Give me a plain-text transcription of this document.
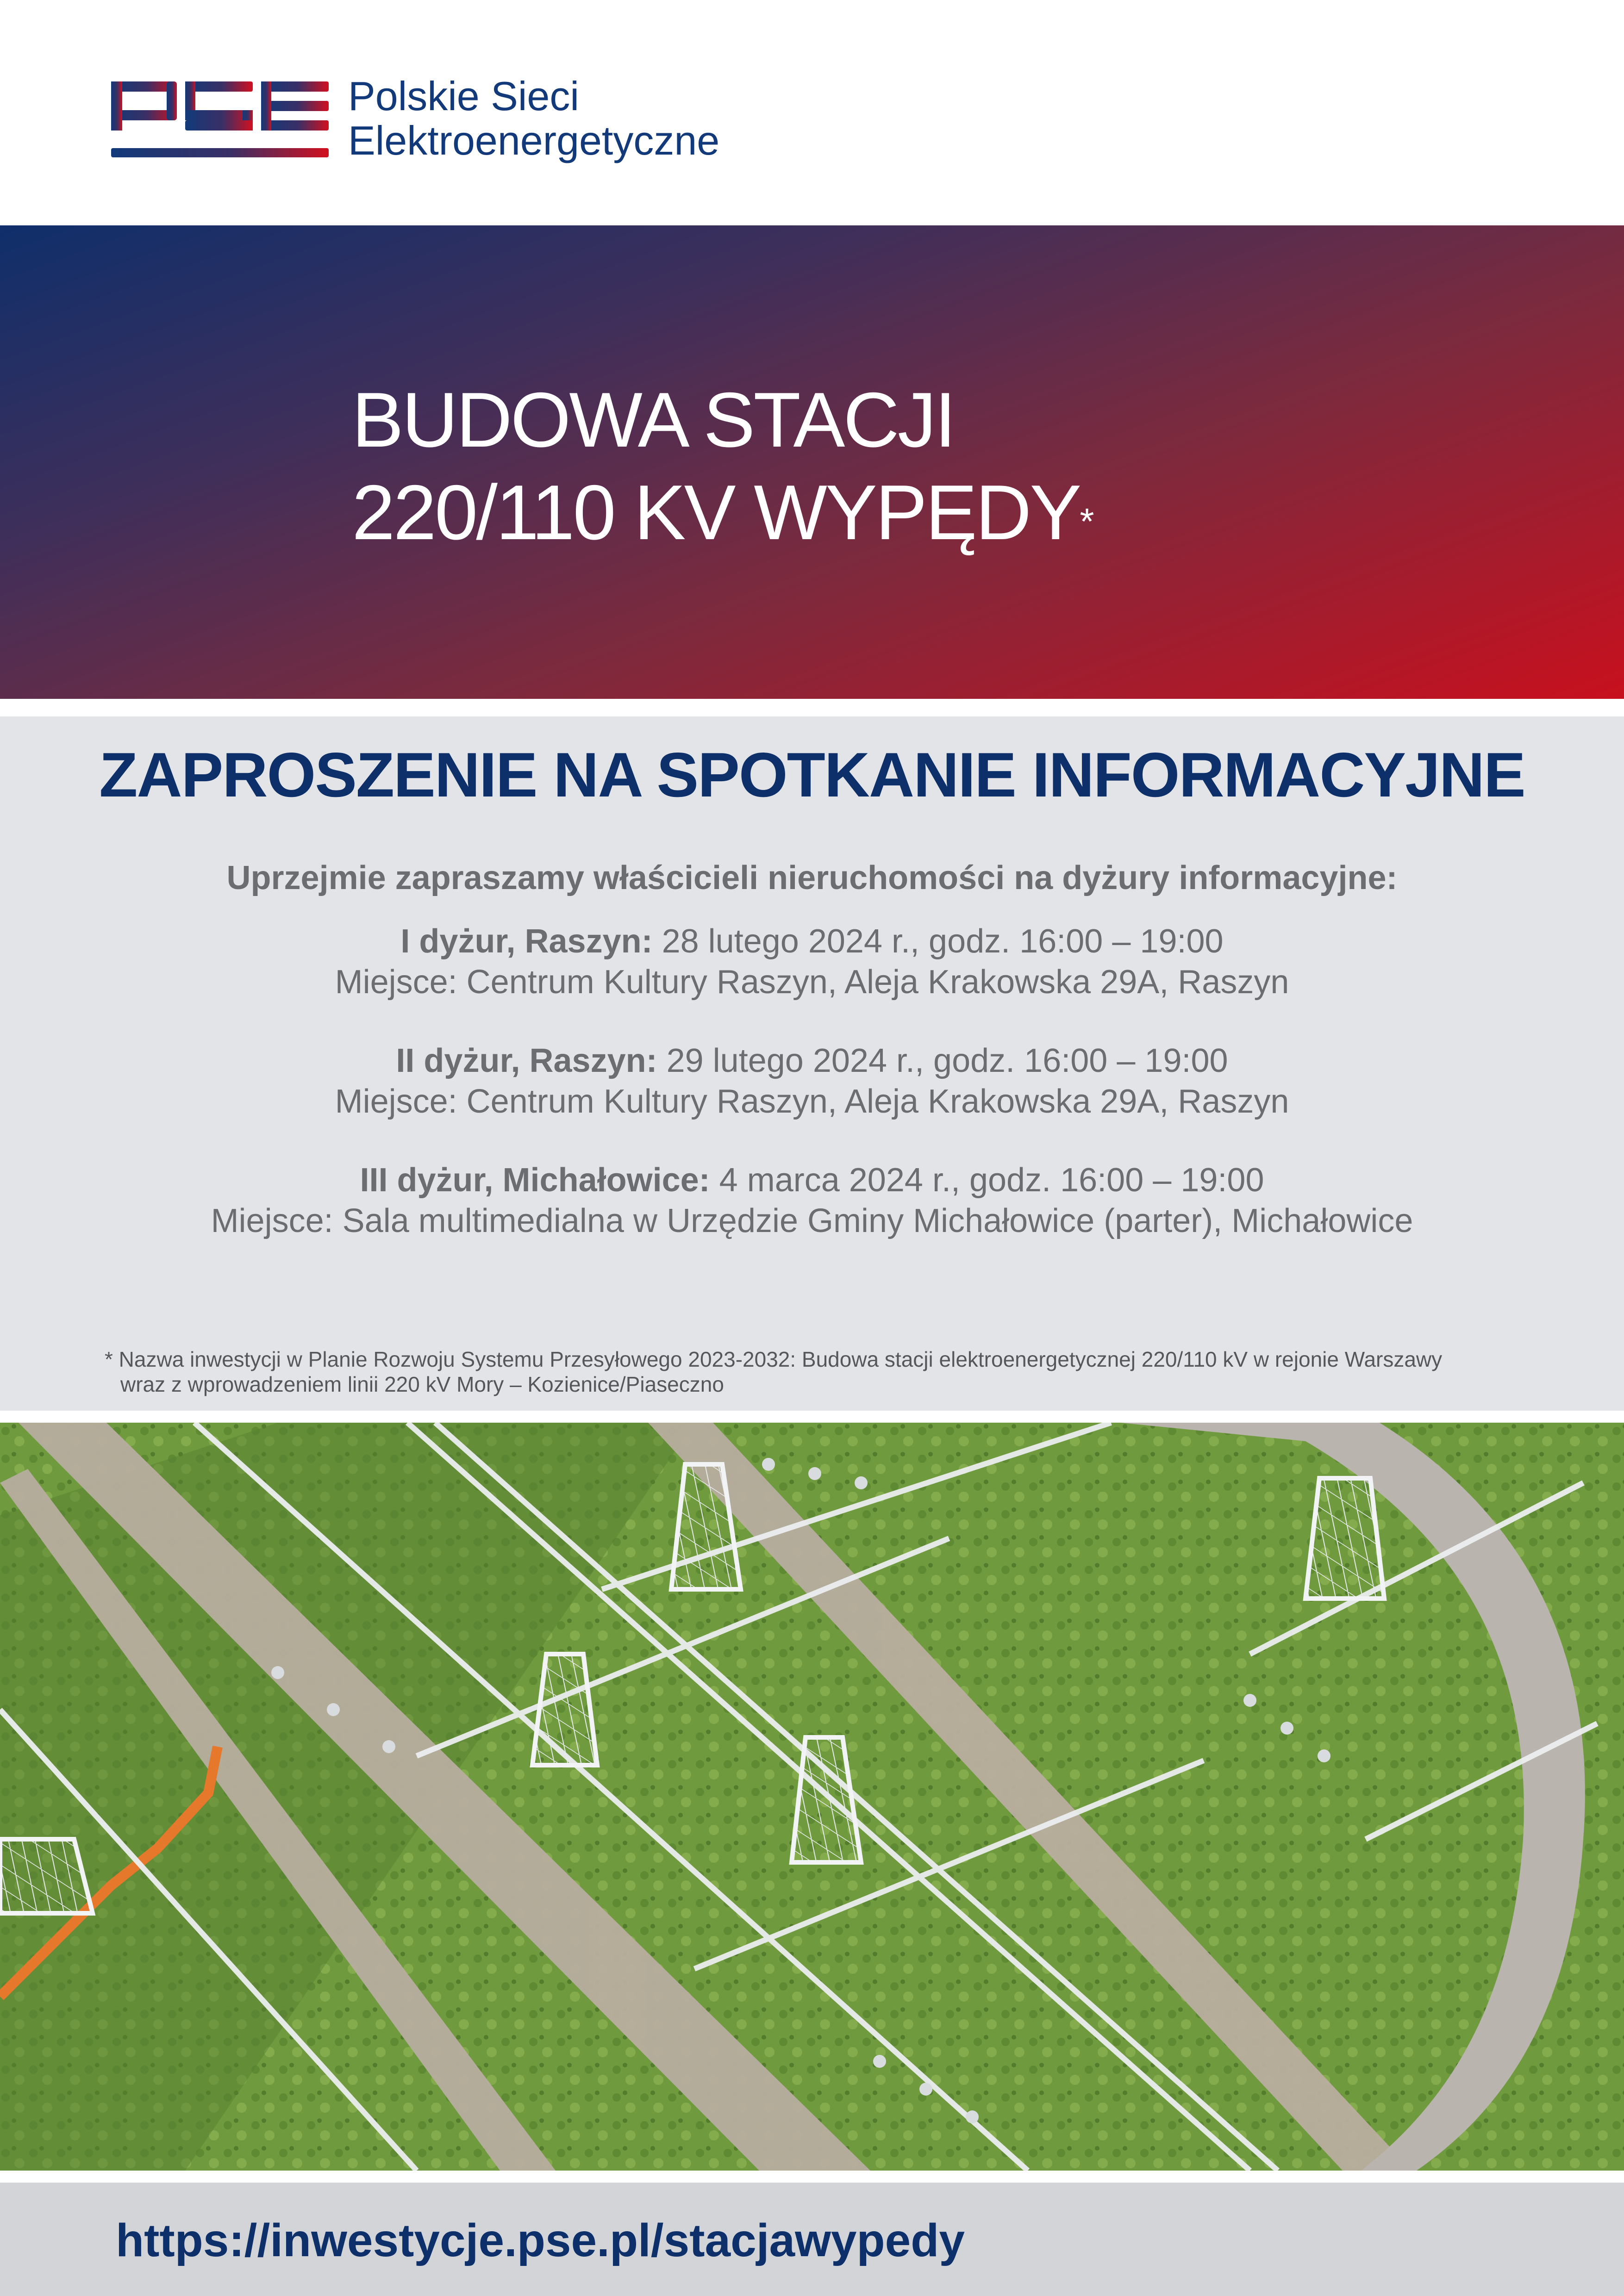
Polskie Sieci
Elektroenergetyczne
BUDOWA STACJI
220/110 KV WYPĘDY*
ZAPROSZENIE NA SPOTKANIE INFORMACYJNE
Uprzejmie zapraszamy właścicieli nieruchomości na dyżury informacyjne:
I dyżur, Raszyn: 28 lutego 2024 r., godz. 16:00 – 19:00
Miejsce: Centrum Kultury Raszyn, Aleja Krakowska 29A, Raszyn
II dyżur, Raszyn: 29 lutego 2024 r., godz. 16:00 – 19:00
Miejsce: Centrum Kultury Raszyn, Aleja Krakowska 29A, Raszyn
III dyżur, Michałowice: 4 marca 2024 r., godz. 16:00 – 19:00
Miejsce: Sala multimedialna w Urzędzie Gminy Michałowice (parter), Michałowice
* Nazwa inwestycji w Planie Rozwoju Systemu Przesyłowego 2023-2032: Budowa stacji elektroenergetycznej 220/110 kV w rejonie Warszawy
wraz z wprowadzeniem linii 220 kV Mory – Kozienice/Piaseczno
https://inwestycje.pse.pl/stacjawypedy
